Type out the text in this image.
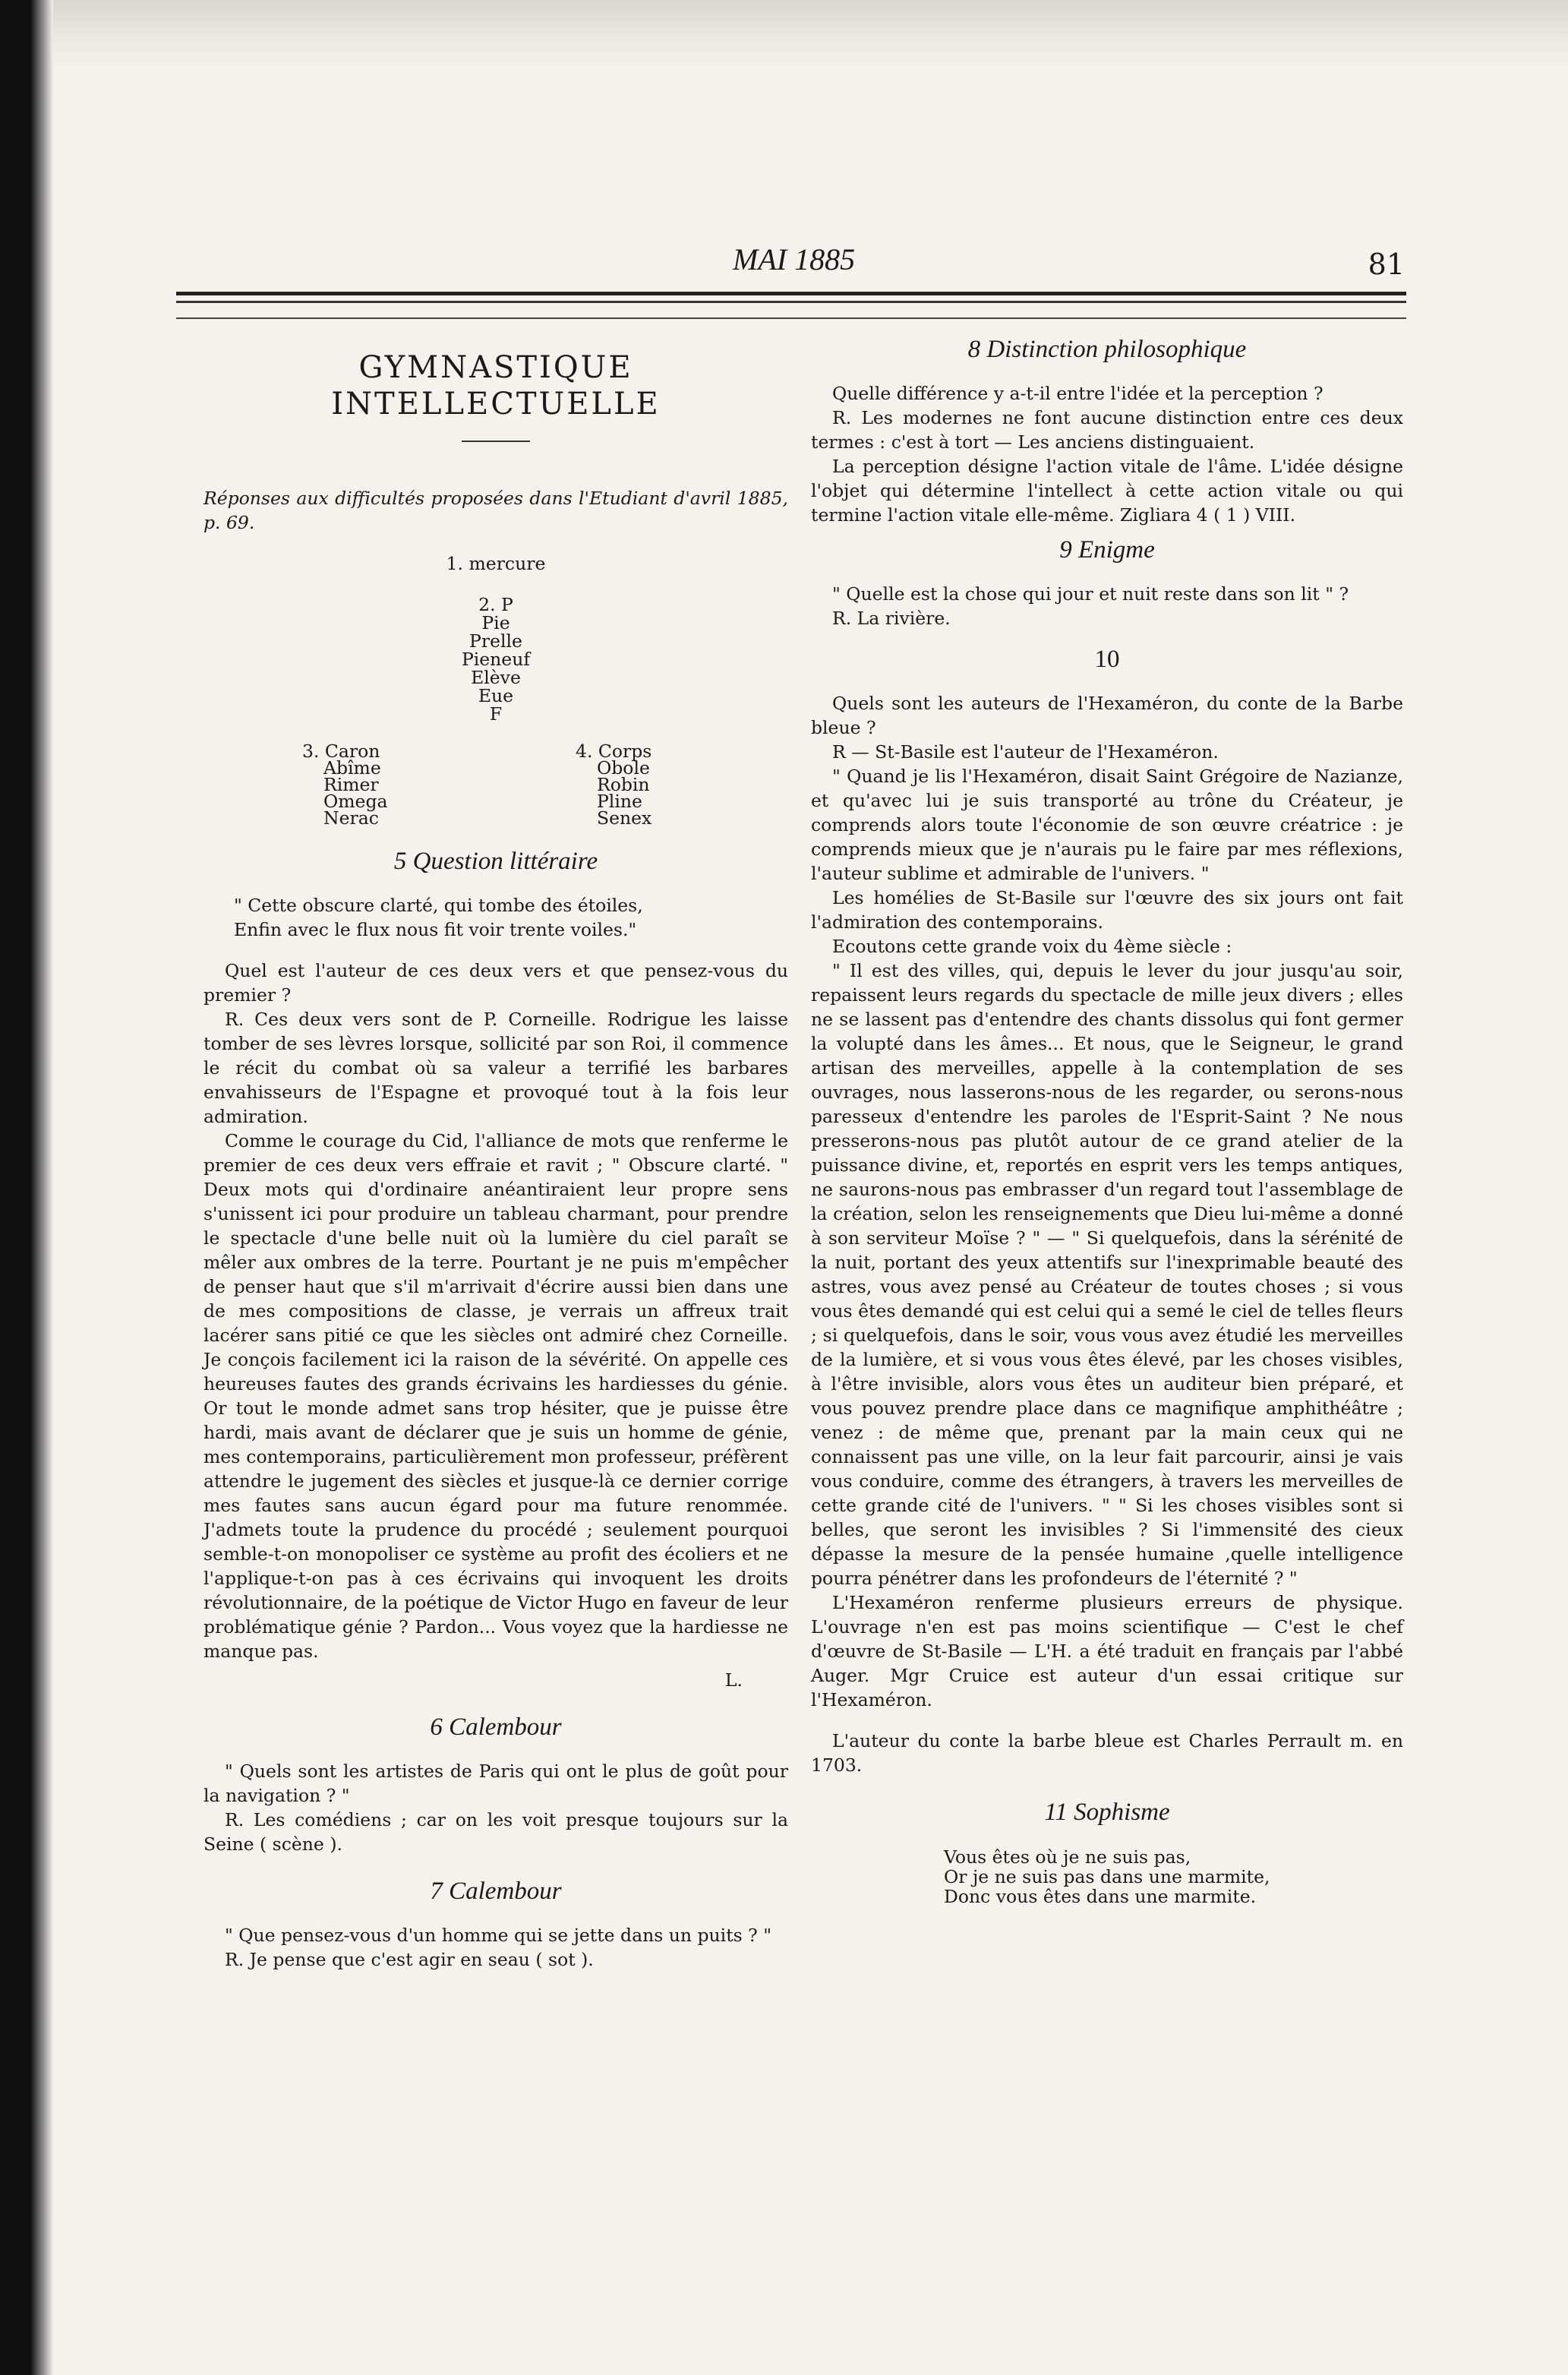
MAI 1885	81
GYMNASTIQUE INTELLECTUELLE
Réponses aux difficultés proposées dans l'Etudiant d'avril 1885, p. 69.
1. mercure
2. P
Pie
Prelle
Pieneuf
Elève
Eue
F
3. Caron
Abîme
Rimer
Omega
Nerac
4. Corps
Obole
Robin
Pline
Senex
5 Question littéraire
" Cette obscure clarté, qui tombe des étoiles,
Enfin avec le flux nous fit voir trente voiles."

Quel est l'auteur de ces deux vers et que pensez-vous du premier ?

R. Ces deux vers sont de P. Corneille. Rodrigue les laisse tomber de ses lèvres lorsque, sollicité par son Roi, il commence le récit du combat où sa valeur a terrifié les barbares envahisseurs de l'Espagne et provoqué tout à la fois leur admiration.

Comme le courage du Cid, l'alliance de mots que renferme le premier de ces deux vers effraie et ravit ; " Obscure clarté. " Deux mots qui d'ordinaire anéantiraient leur propre sens s'unissent ici pour produire un tableau charmant, pour prendre le spectacle d'une belle nuit où la lumière du ciel paraît se mêler aux ombres de la terre. Pourtant je ne puis m'empêcher de penser haut que s'il m'arrivait d'écrire aussi bien dans une de mes compositions de classe, je verrais un affreux trait lacérer sans pitié ce que les siècles ont admiré chez Corneille. Je conçois facilement ici la raison de la sévérité. On appelle ces heureuses fautes des grands écrivains les hardiesses du génie. Or tout le monde admet sans trop hésiter, que je puisse être hardi, mais avant de déclarer que je suis un homme de génie, mes contemporains, particulièrement mon professeur, préfèrent attendre le jugement des siècles et jusque-là ce dernier corrige mes fautes sans aucun égard pour ma future renommée. J'admets toute la prudence du procédé ; seulement pourquoi semble-t-on monopoliser ce système au profit des écoliers et ne l'applique-t-on pas à ces écrivains qui invoquent les droits révolutionnaire, de la poétique de Victor Hugo en faveur de leur problématique génie ? Pardon... Vous voyez que la hardiesse ne manque pas.

L.
6 Calembour

" Quels sont les artistes de Paris qui ont le plus de goût pour la navigation ? "

R. Les comédiens ; car on les voit presque toujours sur la Seine ( scène ).

7 Calembour

" Que pensez-vous d'un homme qui se jette dans un puits ? "

R. Je pense que c'est agir en seau ( sot ).

8 Distinction philosophique

Quelle différence y a-t-il entre l'idée et la perception ?

R. Les modernes ne font aucune distinction entre ces deux termes : c'est à tort — Les anciens distinguaient.

La perception désigne l'action vitale de l'âme. L'idée désigne l'objet qui détermine l'intellect à cette action vitale ou qui termine l'action vitale elle-même. Zigliara 4 ( 1 ) VIII.

9 Enigme

" Quelle est la chose qui jour et nuit reste dans son lit " ?

R. La rivière.

10

Quels sont les auteurs de l'Hexaméron, du conte de la Barbe bleue ?

R — St-Basile est l'auteur de l'Hexaméron.

" Quand je lis l'Hexaméron, disait Saint Grégoire de Nazianze, et qu'avec lui je suis transporté au trône du Créateur, je comprends alors toute l'économie de son œuvre créatrice : je comprends mieux que je n'aurais pu le faire par mes réflexions, l'auteur sublime et admirable de l'univers. "

Les homélies de St-Basile sur l'œuvre des six jours ont fait l'admiration des contemporains.

Ecoutons cette grande voix du 4ème siècle :

" Il est des villes, qui, depuis le lever du jour jusqu'au soir, repaissent leurs regards du spectacle de mille jeux divers ; elles ne se lassent pas d'entendre des chants dissolus qui font germer la volupté dans les âmes... Et nous, que le Seigneur, le grand artisan des merveilles, appelle à la contemplation de ses ouvrages, nous lasserons-nous de les regarder, ou serons-nous paresseux d'entendre les paroles de l'Esprit-Saint ? Ne nous presserons-nous pas plutôt autour de ce grand atelier de la puissance divine, et, reportés en esprit vers les temps antiques, ne saurons-nous pas embrasser d'un regard tout l'assemblage de la création, selon les renseignements que Dieu lui-même a donné à son serviteur Moïse ? " — " Si quelquefois, dans la sérénité de la nuit, portant des yeux attentifs sur l'inexprimable beauté des astres, vous avez pensé au Créateur de toutes choses ; si vous vous êtes demandé qui est celui qui a semé le ciel de telles fleurs ; si quelquefois, dans le soir, vous vous avez étudié les merveilles de la lumière, et si vous vous êtes élevé, par les choses visibles, à l'être invisible, alors vous êtes un auditeur bien préparé, et vous pouvez prendre place dans ce magnifique amphithéâtre ; venez : de même que, prenant par la main ceux qui ne connaissent pas une ville, on la leur fait parcourir, ainsi je vais vous conduire, comme des étrangers, à travers les merveilles de cette grande cité de l'univers. " " Si les choses visibles sont si belles, que seront les invisibles ? Si l'immensité des cieux dépasse la mesure de la pensée humaine ,quelle intelligence pourra pénétrer dans les profondeurs de l'éternité ? "

L'Hexaméron renferme plusieurs erreurs de physique. L'ouvrage n'en est pas moins scientifique — C'est le chef d'œuvre de St-Basile — L'H. a été traduit en français par l'abbé Auger. Mgr Cruice est auteur d'un essai critique sur l'Hexaméron.

L'auteur du conte la barbe bleue est Charles Perrault m. en 1703.

11 Sophisme
Vous êtes où je ne suis pas,
Or je ne suis pas dans une marmite,
Donc vous êtes dans une marmite.
